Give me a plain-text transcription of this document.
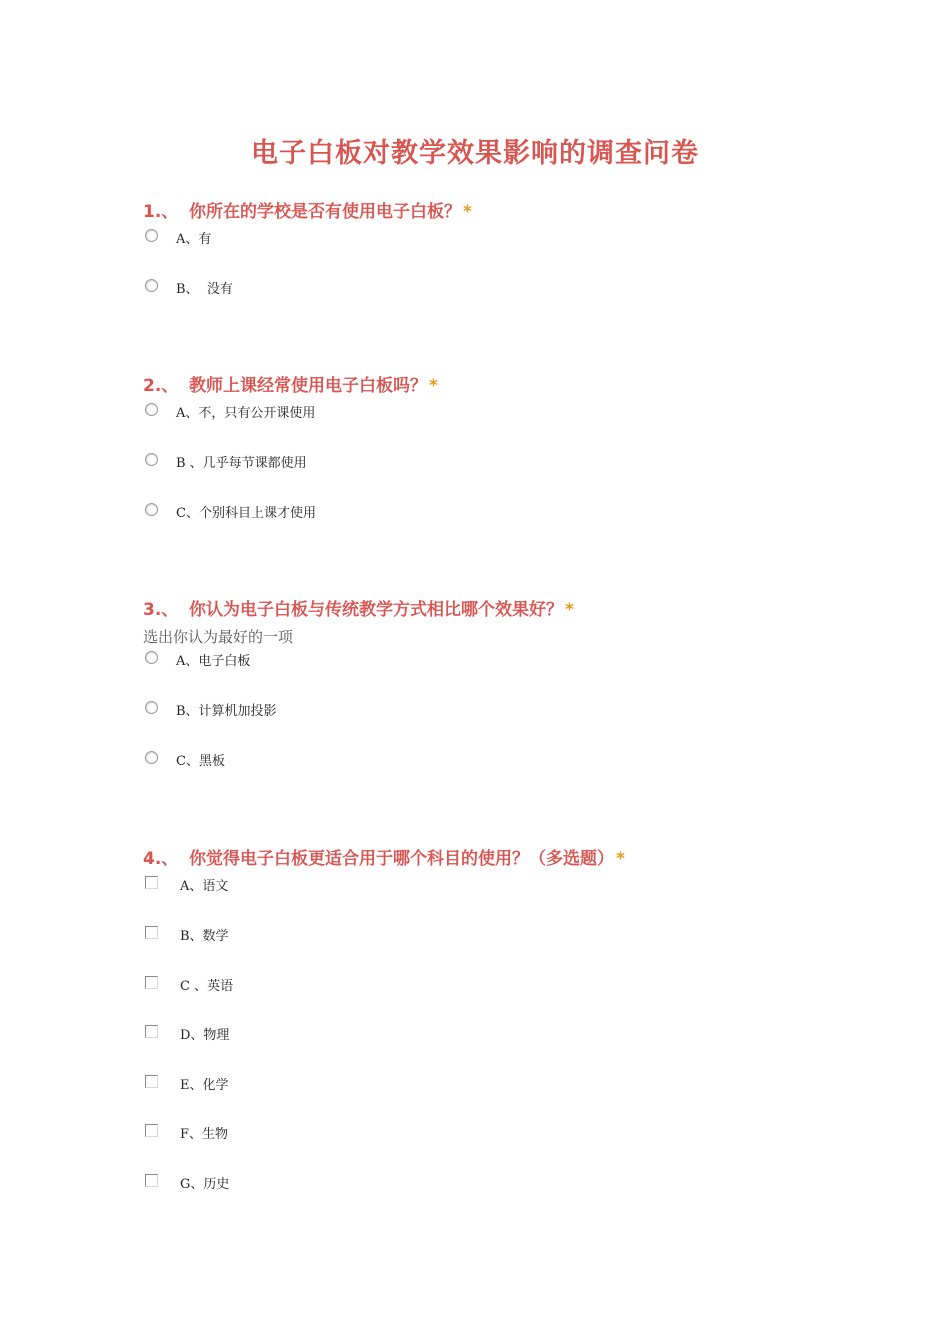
电子白板对教学效果影响的调查问卷
1.、 你所在的学校是否有使用电子白板？ *
A、有
B、  没有
2.、 教师上课经常使用电子白板吗？ *
A、不，只有公开课使用
B 、几乎每节课都使用
C、个别科目上课才使用
3.、 你认为电子白板与传统教学方式相比哪个效果好？ *
选出你认为最好的一项
A、电子白板
B、计算机加投影
C、黑板
4.、 你觉得电子白板更适合用于哪个科目的使用？（多选题） *
A、语文
B、数学
C 、英语
D、物理
E、化学
F、生物
G、历史
